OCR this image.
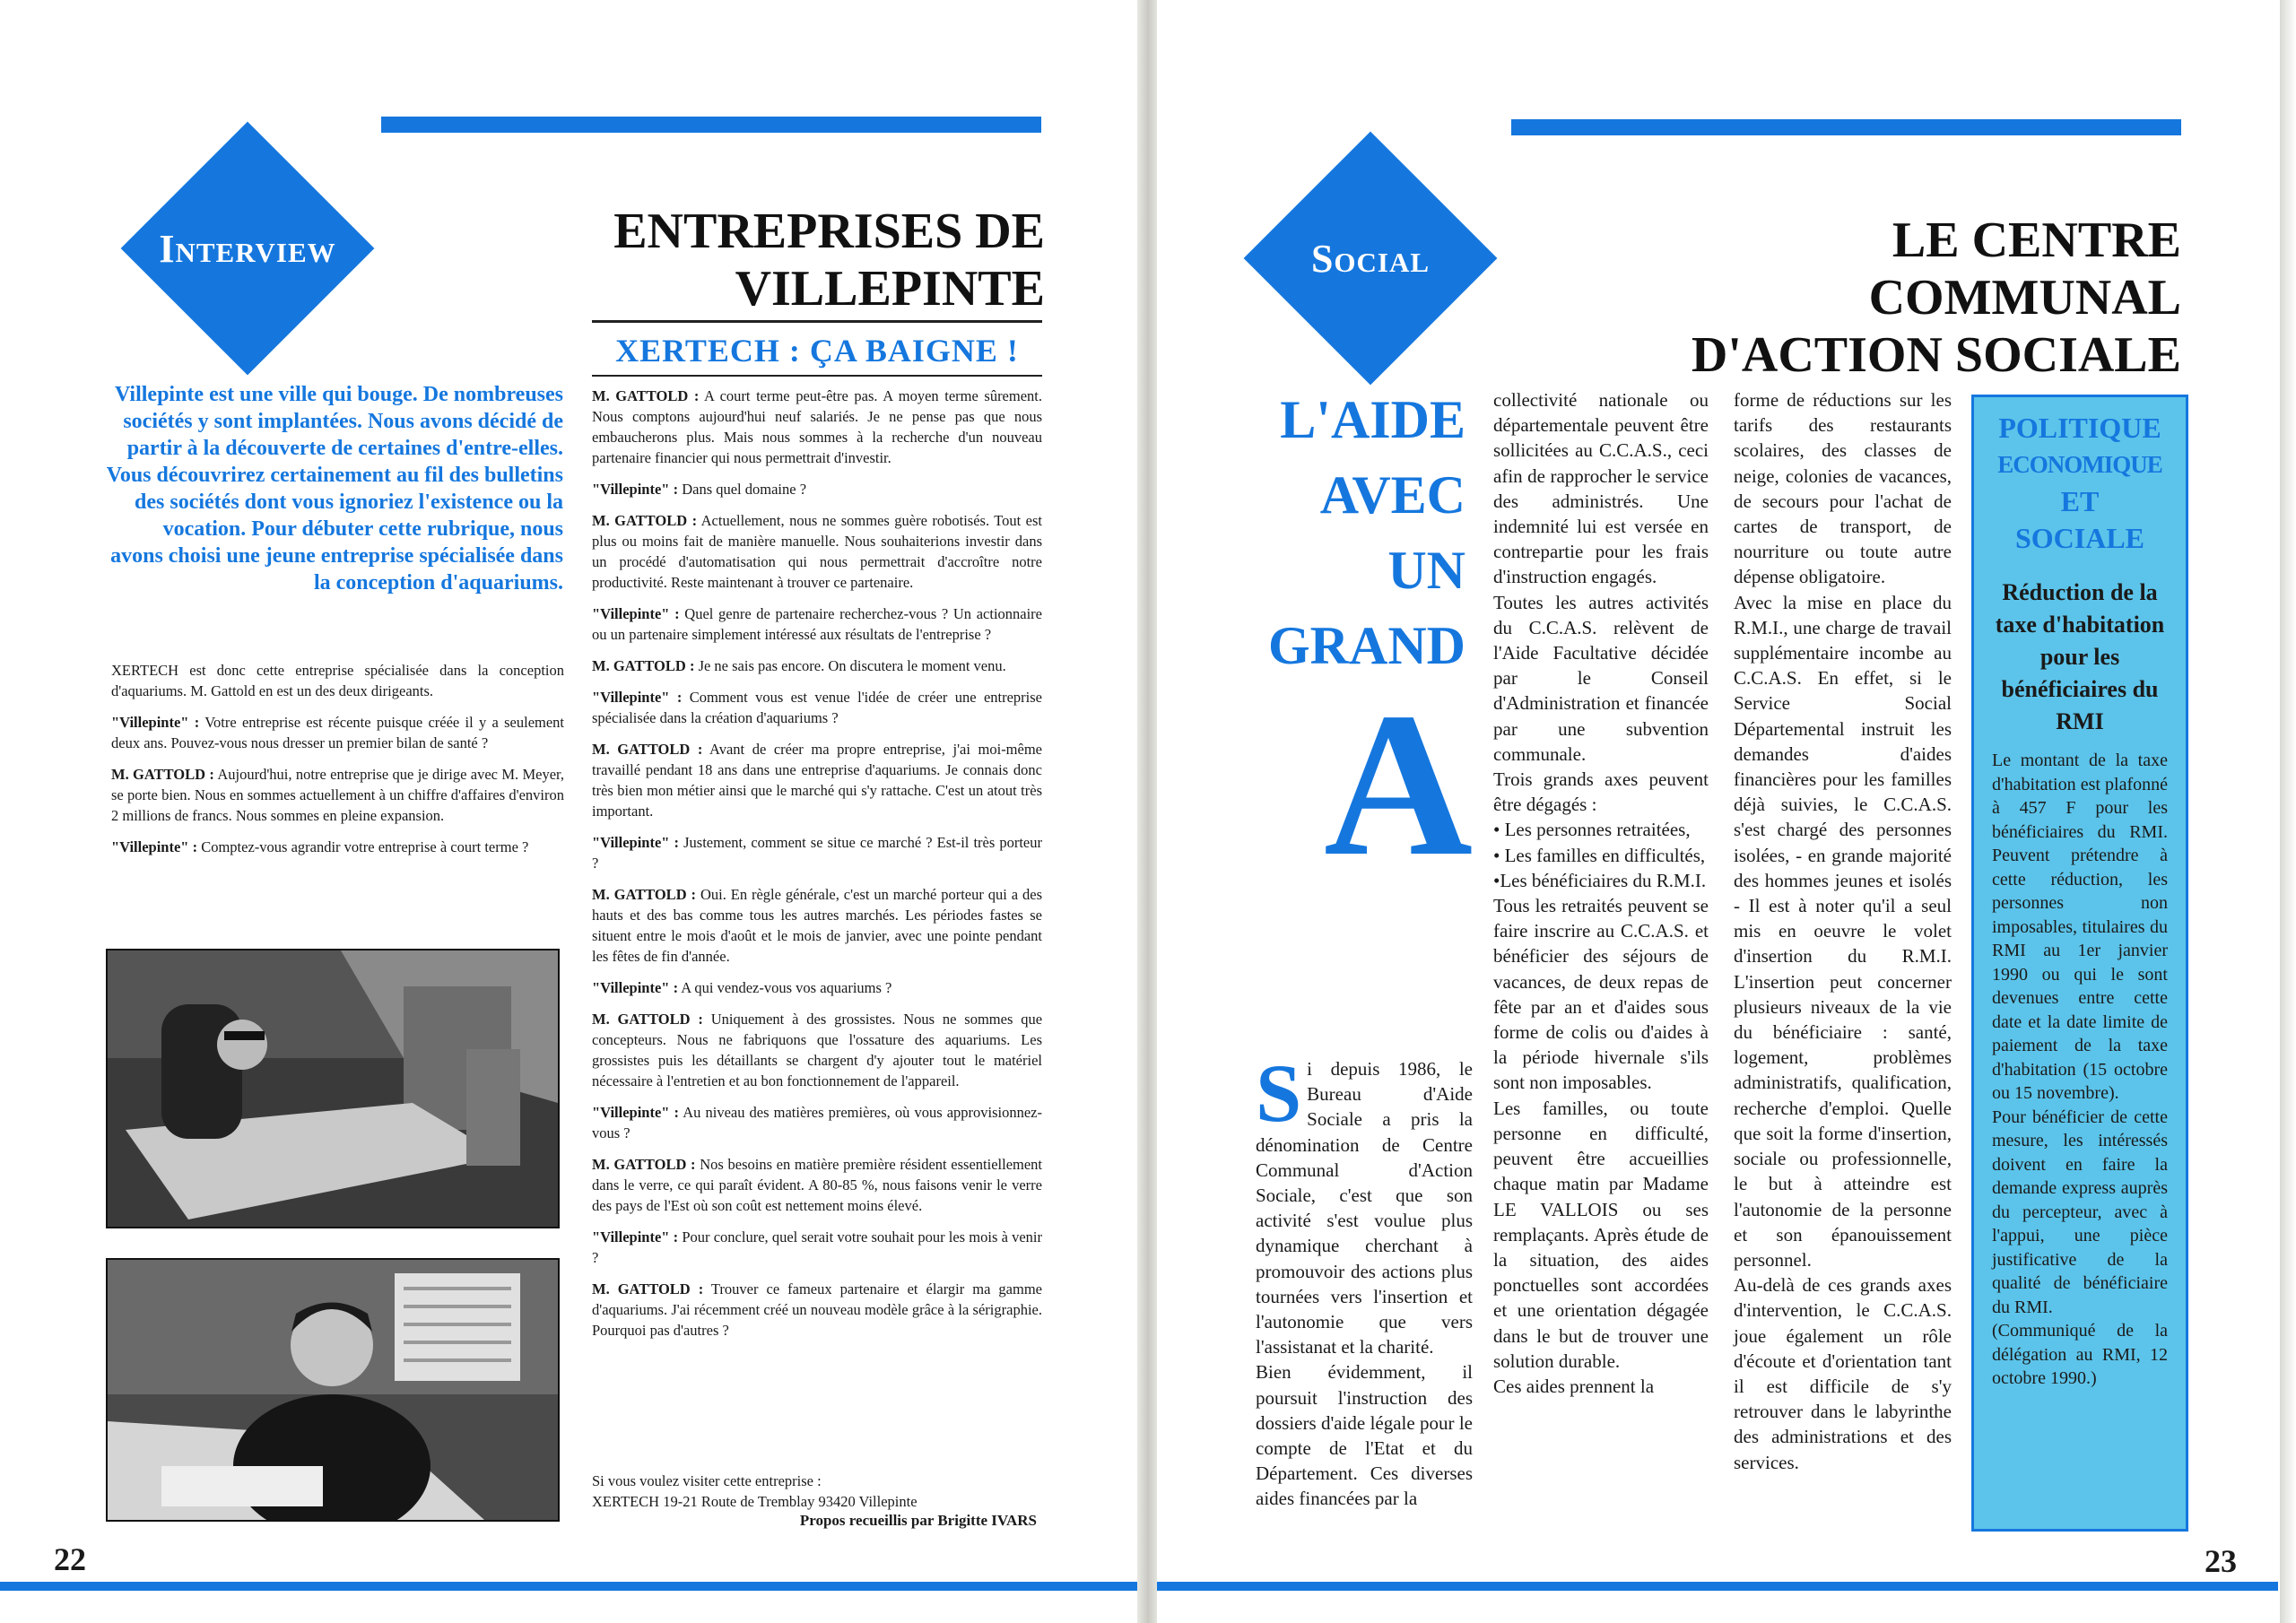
Interview	ENTREPRISES DE
VILLEPINTE
XERTECH : ÇA BAIGNE !
Villepinte est une ville qui bouge. De nombreuses sociétés y sont implantées. Nous avons décidé de partir à la découverte de certaines d'entre-elles. Vous découvrirez certainement au fil des bulletins des sociétés dont vous ignoriez l'existence ou la vocation. Pour débuter cette rubrique, nous avons choisi une jeune entreprise spécialisée dans la conception d'aquariums.

XERTECH est donc cette entreprise spécialisée dans la conception d'aquariums. M. Gattold en est un des deux dirigeants.

"Villepinte" : Votre entreprise est récente puisque créée il y a seulement deux ans. Pouvez-vous nous dresser un premier bilan de santé ?

M. GATTOLD : Aujourd'hui, notre entreprise que je dirige avec M. Meyer, se porte bien. Nous en sommes actuellement à un chiffre d'affaires d'environ 2 millions de francs. Nous sommes en pleine expansion.

"Villepinte" : Comptez-vous agrandir votre entreprise à court terme ?

M. GATTOLD : A court terme peut-être pas. A moyen terme sûrement. Nous comptons aujourd'hui neuf salariés. Je ne pense pas que nous embaucherons plus. Mais nous sommes à la recherche d'un nouveau partenaire financier qui nous permettrait d'investir.

"Villepinte" : Dans quel domaine ?

M. GATTOLD : Actuellement, nous ne sommes guère robotisés. Tout est plus ou moins fait de manière manuelle. Nous souhaiterions investir dans un procédé d'automatisation qui nous permettrait d'accroître notre productivité. Reste maintenant à trouver ce partenaire.

"Villepinte" : Quel genre de partenaire recherchez-vous ? Un actionnaire ou un partenaire simplement intéressé aux résultats de l'entreprise ?

M. GATTOLD : Je ne sais pas encore. On discutera le moment venu.

"Villepinte" : Comment vous est venue l'idée de créer une entreprise spécialisée dans la création d'aquariums ?

M. GATTOLD : Avant de créer ma propre entreprise, j'ai moi-même travaillé pendant 18 ans dans une entreprise d'aquariums. Je connais donc très bien mon métier ainsi que le marché qui s'y rattache. C'est un atout très important.

"Villepinte" : Justement, comment se situe ce marché ? Est-il très porteur ?

M. GATTOLD : Oui. En règle générale, c'est un marché porteur qui a des hauts et des bas comme tous les autres marchés. Les périodes fastes se situent entre le mois d'août et le mois de janvier, avec une pointe pendant les fêtes de fin d'année.

"Villepinte" : A qui vendez-vous vos aquariums ?

M. GATTOLD : Uniquement à des grossistes. Nous ne sommes que concepteurs. Nous ne fabriquons que l'ossature des aquariums. Les grossistes puis les détaillants se chargent d'y ajouter tout le matériel nécessaire à l'entretien et au bon fonctionnement de l'appareil.

"Villepinte" : Au niveau des matières premières, où vous approvisionnez-vous ?

M. GATTOLD : Nos besoins en matière première résident essentiellement dans le verre, ce qui paraît évident. A 80-85 %, nous faisons venir le verre des pays de l'Est où son coût est nettement moins élevé.

"Villepinte" : Pour conclure, quel serait votre souhait pour les mois à venir ?

M. GATTOLD : Trouver ce fameux partenaire et élargir ma gamme d'aquariums. J'ai récemment créé un nouveau modèle grâce à la sérigraphie. Pourquoi pas d'autres ?

Si vous voulez visiter cette entreprise :
XERTECH 19-21 Route de Tremblay 93420 Villepinte
Propos recueillis par Brigitte IVARS
22
Social	LE CENTRE COMMUNAL
D'ACTION SOCIALE
L'AIDE
AVEC
UN
GRAND
A

Si depuis 1986, le Bureau d'Aide Sociale a pris la dénomination de Centre Communal d'Action Sociale, c'est que son activité s'est voulue plus dynamique cherchant à promouvoir des actions plus tournées vers l'insertion et l'autonomie que vers l'assistanat et la charité.

Bien évidemment, il poursuit l'instruction des dossiers d'aide légale pour le compte de l'Etat et du Département. Ces diverses aides financées par la

collectivité nationale ou départementale peuvent être sollicitées au C.C.A.S., ceci afin de rapprocher le service des administrés. Une indemnité lui est versée en contrepartie pour les frais d'instruction engagés.

Toutes les autres activités du C.C.A.S. relèvent de l'Aide Facultative décidée par le Conseil d'Administration et financée par une subvention communale.

Trois grands axes peuvent être dégagés :

• Les personnes retraitées,

• Les familles en difficultés,

•Les bénéficiaires du R.M.I.

Tous les retraités peuvent se faire inscrire au C.C.A.S. et bénéficier des séjours de vacances, de deux repas de fête par an et d'aides sous forme de colis ou d'aides à la période hivernale s'ils sont non imposables.

Les familles, ou toute personne en difficulté, peuvent être accueillies chaque matin par Madame LE VALLOIS ou ses remplaçants. Après étude de la situation, des aides ponctuelles sont accordées et une orientation dégagée dans le but de trouver une solution durable.

Ces aides prennent la

forme de réductions sur les tarifs des restaurants scolaires, des classes de neige, colonies de vacances, de secours pour l'achat de cartes de transport, de nourriture ou toute autre dépense obligatoire.

Avec la mise en place du R.M.I., une charge de travail supplémentaire incombe au C.C.A.S. En effet, si le Service Social Départemental instruit les demandes d'aides financières pour les familles déjà suivies, le C.C.A.S. s'est chargé des personnes isolées, - en grande majorité des hommes jeunes et isolés - Il est à noter qu'il a seul mis en oeuvre le volet d'insertion du R.M.I. L'insertion peut concerner plusieurs niveaux de la vie du bénéficiaire : santé, logement, problèmes administratifs, qualification, recherche d'emploi. Quelle que soit la forme d'insertion, sociale ou professionnelle, le but à atteindre est l'autonomie de la personne et son épanouissement personnel.

Au-delà de ces grands axes d'intervention, le C.C.A.S. joue également un rôle d'écoute et d'orientation tant il est difficile de s'y retrouver dans le labyrinthe des administrations et des services.

POLITIQUE
ECONOMIQUE
ET
SOCIALE
Réduction de la taxe d'habitation pour les bénéficiaires du RMI

Le montant de la taxe d'habitation est plafonné à 457 F pour les bénéficiaires du RMI. Peuvent prétendre à cette réduction, les personnes non imposables, titulaires du RMI au 1er janvier 1990 ou qui le sont devenues entre cette date et la date limite de paiement de la taxe d'habitation (15 octobre ou 15 novembre).

Pour bénéficier de cette mesure, les intéressés doivent en faire la demande express auprès du percepteur, avec à l'appui, une pièce justificative de la qualité de bénéficiaire du RMI.

(Communiqué de la délégation au RMI, 12 octobre 1990.)

23
